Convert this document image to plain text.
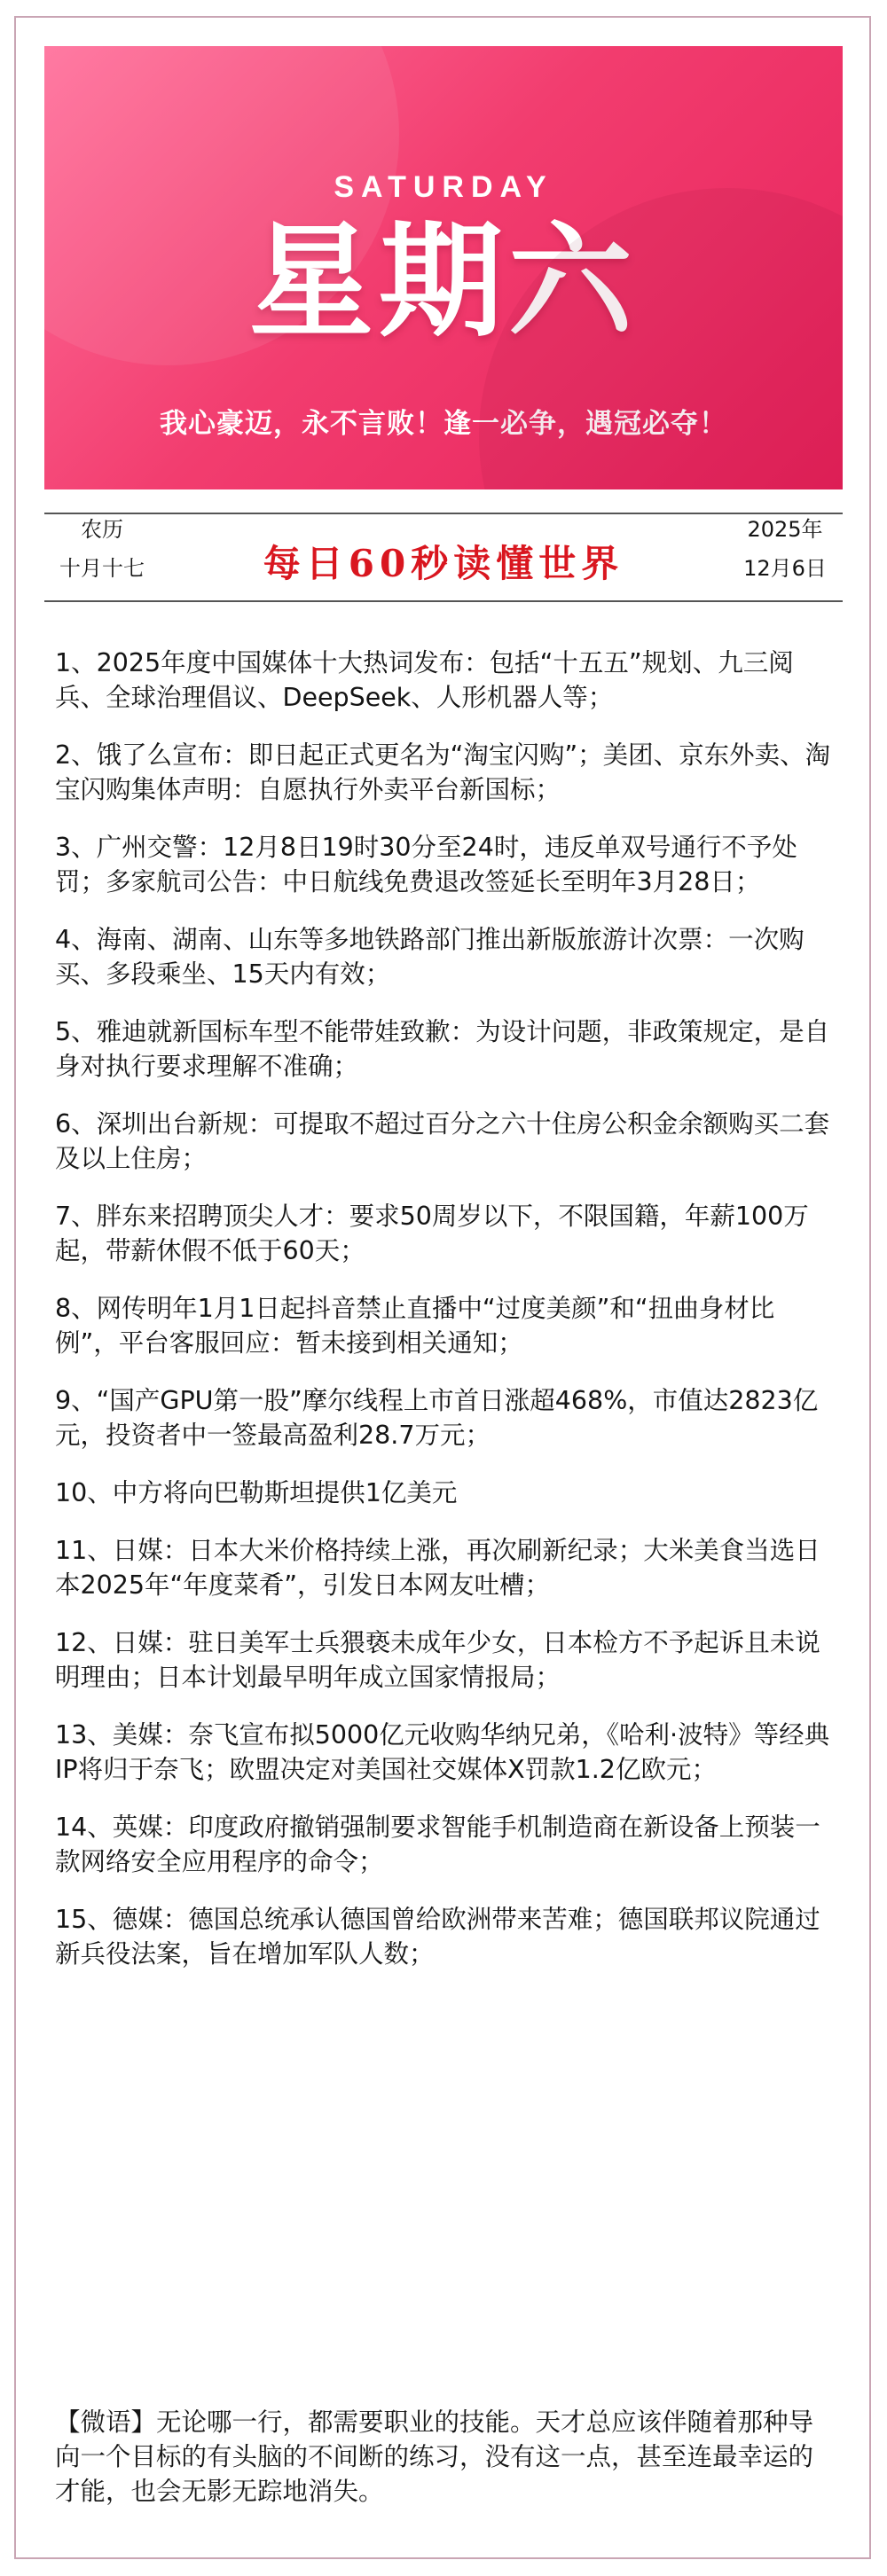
SATURDAY
星期六
我心豪迈，永不言败！逢一必争，遇冠必夺！
农历
十月十七	每日60秒读懂世界
2025年
12月6日
1、2025年度中国媒体十大热词发布：包括“十五五”规划、九三阅兵、全球治理倡议、DeepSeek、人形机器人等；
2、饿了么宣布：即日起正式更名为“淘宝闪购”；美团、京东外卖、淘宝闪购集体声明：自愿执行外卖平台新国标；
3、广州交警：12月8日19时30分至24时，违反单双号通行不予处罚；多家航司公告：中日航线免费退改签延长至明年3月28日；
4、海南、湖南、山东等多地铁路部门推出新版旅游计次票：一次购买、多段乘坐、15天内有效；
5、雅迪就新国标车型不能带娃致歉：为设计问题，非政策规定，是自身对执行要求理解不准确；
6、深圳出台新规：可提取不超过百分之六十住房公积金余额购买二套及以上住房；
7、胖东来招聘顶尖人才：要求50周岁以下，不限国籍，年薪100万起，带薪休假不低于60天；
8、网传明年1月1日起抖音禁止直播中“过度美颜”和“扭曲身材比例”，平台客服回应：暂未接到相关通知；
9、“国产GPU第一股”摩尔线程上市首日涨超468%，市值达2823亿元，投资者中一签最高盈利28.7万元；
10、中方将向巴勒斯坦提供1亿美元
11、日媒：日本大米价格持续上涨，再次刷新纪录；大米美食当选日本2025年“年度菜肴”，引发日本网友吐槽；
12、日媒：驻日美军士兵猥亵未成年少女，日本检方不予起诉且未说明理由；日本计划最早明年成立国家情报局；
13、美媒：奈飞宣布拟5000亿元收购华纳兄弟，《哈利·波特》等经典IP将归于奈飞；欧盟决定对美国社交媒体X罚款1.2亿欧元；
14、英媒：印度政府撤销强制要求智能手机制造商在新设备上预装一款网络安全应用程序的命令；
15、德媒：德国总统承认德国曾给欧洲带来苦难；德国联邦议院通过新兵役法案，旨在增加军队人数；
【微语】无论哪一行，都需要职业的技能。天才总应该伴随着那种导向一个目标的有头脑的不间断的练习，没有这一点，甚至连最幸运的才能，也会无影无踪地消失。
